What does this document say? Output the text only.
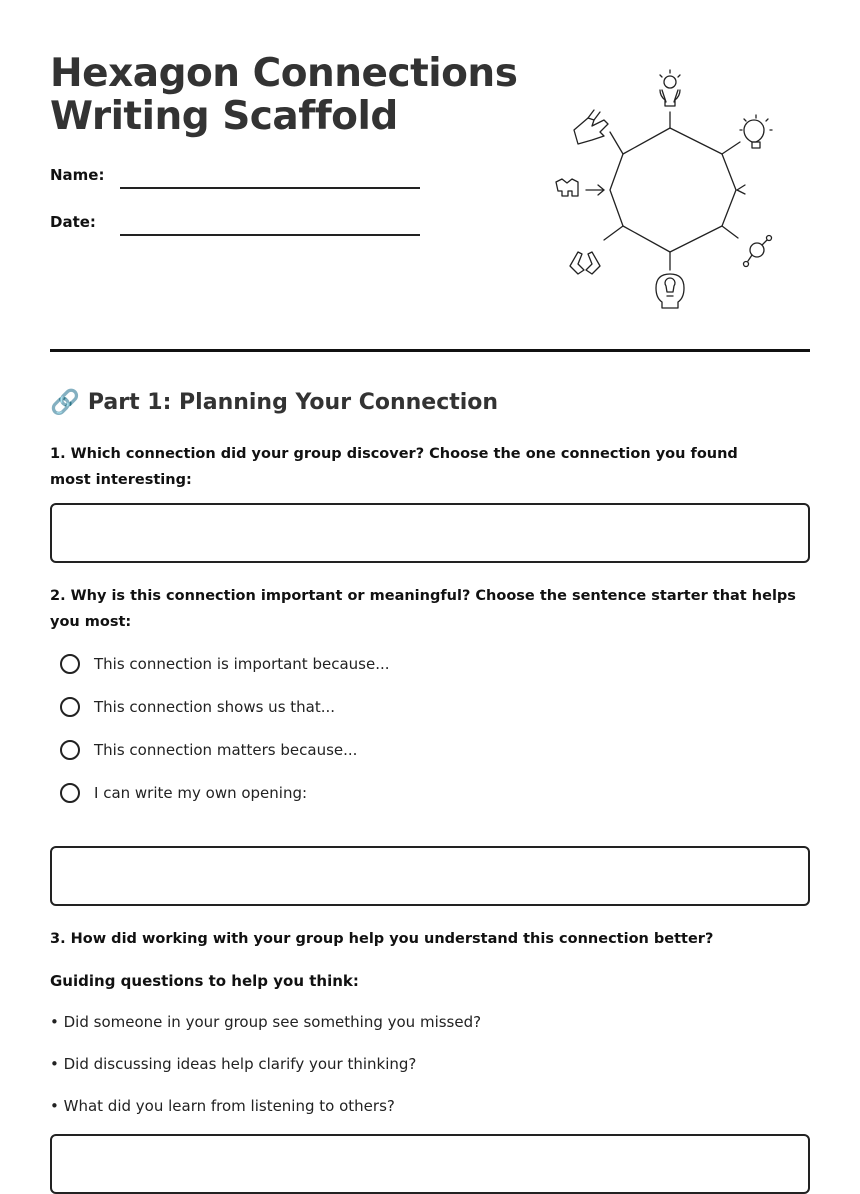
Hexagon Connections
Writing Scaffold
Name:
Date:
🔗 Part 1: Planning Your Connection

1. Which connection did your group discover? Choose the one connection you found most interesting:

2. Why is this connection important or meaningful? Choose the sentence starter that helps you most:

This connection is important because...
This connection shows us that...
This connection matters because...
I can write my own opening:

3. How did working with your group help you understand this connection better?

Guiding questions to help you think:
• Did someone in your group see something you missed?
• Did discussing ideas help clarify your thinking?
• What did you learn from listening to others?
